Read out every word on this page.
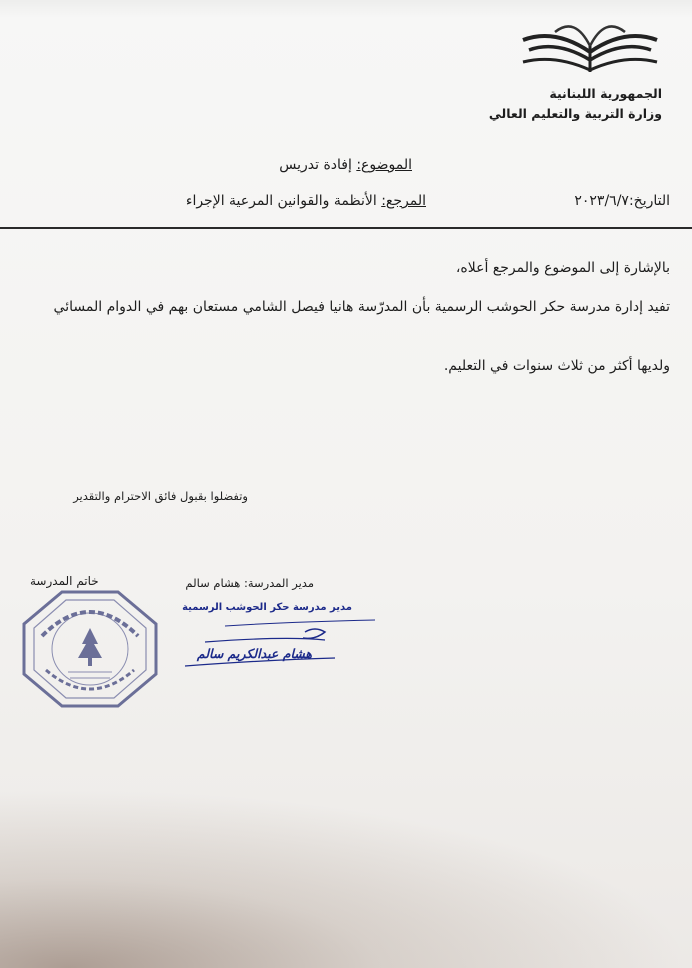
الجمهورية اللبنانية
وزارة التربية والتعليم العالي
الموضوع: إفادة تدريس
التاريخ:٢٠٢٣/٦/٧
المرجع: الأنظمة والقوانين المرعية الإجراء
بالإشارة إلى الموضوع والمرجع أعلاه،
تفيد إدارة مدرسة حكر الحوشب الرسمية بأن المدرّسة هانيا فيصل الشامي مستعان بهم في الدوام المسائي
ولديها أكثر من ثلاث سنوات في التعليم.
وتفضلوا بقبول فائق الاحترام والتقدير
مدير المدرسة: هشام سالم
خاتم المدرسة
مدير مدرسة حكر الحوشب الرسمية
هشام عبدالكريم سالم
